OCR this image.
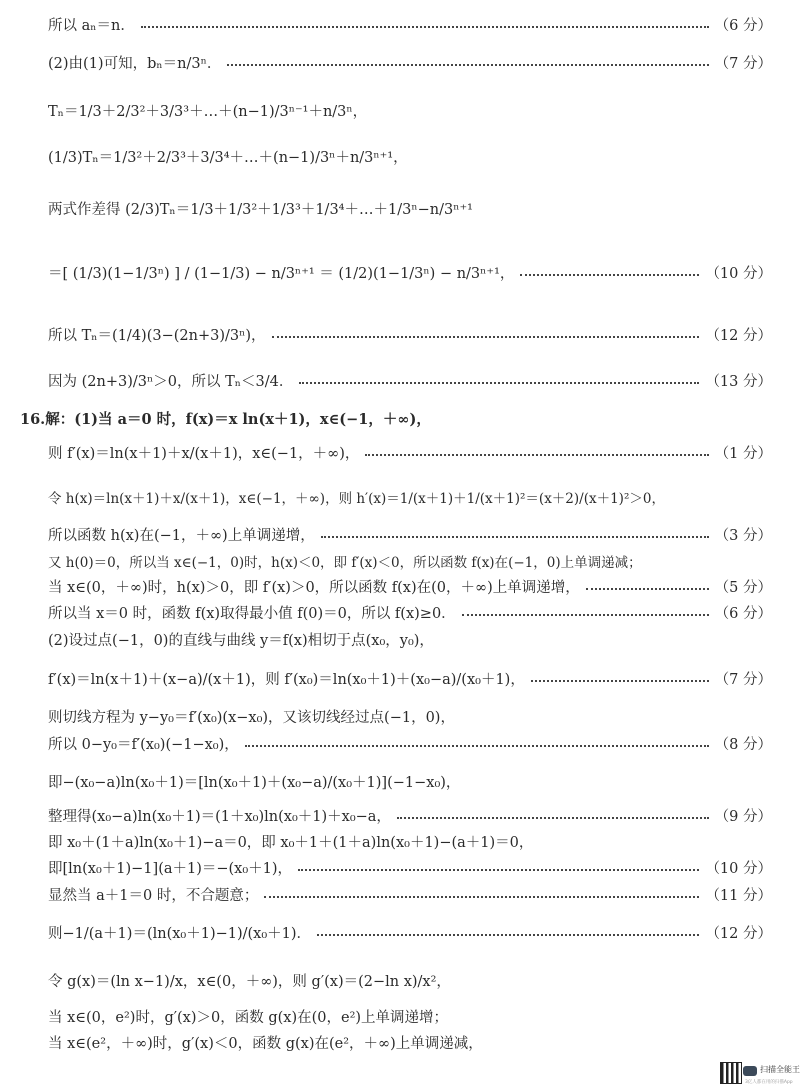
所以 aₙ＝n．	（6 分）
(2)由(1)可知，bₙ＝n/3ⁿ．	（7 分）
Tₙ＝1/3＋2/3²＋3/3³＋…＋(n−1)/3ⁿ⁻¹＋n/3ⁿ，
(1/3)Tₙ＝1/3²＋2/3³＋3/3⁴＋…＋(n−1)/3ⁿ＋n/3ⁿ⁺¹，
两式作差得 (2/3)Tₙ＝1/3＋1/3²＋1/3³＋1/3⁴＋…＋1/3ⁿ−n/3ⁿ⁺¹
＝[ (1/3)(1−1/3ⁿ) ] / (1−1/3) − n/3ⁿ⁺¹ ＝ (1/2)(1−1/3ⁿ) − n/3ⁿ⁺¹，	（10 分）
所以 Tₙ＝(1/4)(3−(2n+3)/3ⁿ)，	（12 分）
因为 (2n+3)/3ⁿ＞0，所以 Tₙ＜3/4．	（13 分）
16.解：(1)当 a＝0 时，f(x)＝x ln(x＋1)，x∈(−1，＋∞)，
则 f′(x)＝ln(x＋1)＋x/(x＋1)，x∈(−1，＋∞)，	（1 分）
令 h(x)＝ln(x＋1)＋x/(x＋1)，x∈(−1，＋∞)，则 h′(x)＝1/(x＋1)＋1/(x＋1)²＝(x＋2)/(x＋1)²＞0，
所以函数 h(x)在(−1，＋∞)上单调递增，	（3 分）
又 h(0)＝0，所以当 x∈(−1，0)时，h(x)＜0，即 f′(x)＜0，所以函数 f(x)在(−1，0)上单调递减；
当 x∈(0，＋∞)时，h(x)＞0，即 f′(x)＞0，所以函数 f(x)在(0，＋∞)上单调递增，	（5 分）
所以当 x＝0 时，函数 f(x)取得最小值 f(0)＝0，所以 f(x)≥0．	（6 分）
(2)设过点(−1，0)的直线与曲线 y＝f(x)相切于点(x₀，y₀)，
f′(x)＝ln(x＋1)＋(x−a)/(x＋1)，则 f′(x₀)＝ln(x₀＋1)＋(x₀−a)/(x₀＋1)，	（7 分）
则切线方程为 y−y₀＝f′(x₀)(x−x₀)，又该切线经过点(−1，0)，
所以 0−y₀＝f′(x₀)(−1−x₀)，	（8 分）
即−(x₀−a)ln(x₀＋1)＝[ln(x₀＋1)＋(x₀−a)/(x₀＋1)](−1−x₀)，
整理得(x₀−a)ln(x₀＋1)＝(1＋x₀)ln(x₀＋1)＋x₀−a，	（9 分）
即 x₀＋(1＋a)ln(x₀＋1)−a＝0，即 x₀＋1＋(1＋a)ln(x₀＋1)−(a＋1)＝0，
即[ln(x₀＋1)−1](a＋1)＝−(x₀＋1)，	（10 分）
显然当 a＋1＝0 时，不合题意；	（11 分）
则−1/(a＋1)＝(ln(x₀＋1)−1)/(x₀＋1)．	（12 分）
令 g(x)＝(ln x−1)/x，x∈(0，＋∞)，则 g′(x)＝(2−ln x)/x²，
当 x∈(0，e²)时，g′(x)＞0，函数 g(x)在(0，e²)上单调递增；
当 x∈(e²，＋∞)时，g′(x)＜0，函数 g(x)在(e²，＋∞)上单调递减，
扫描全能王
3亿人都在用的扫描App
